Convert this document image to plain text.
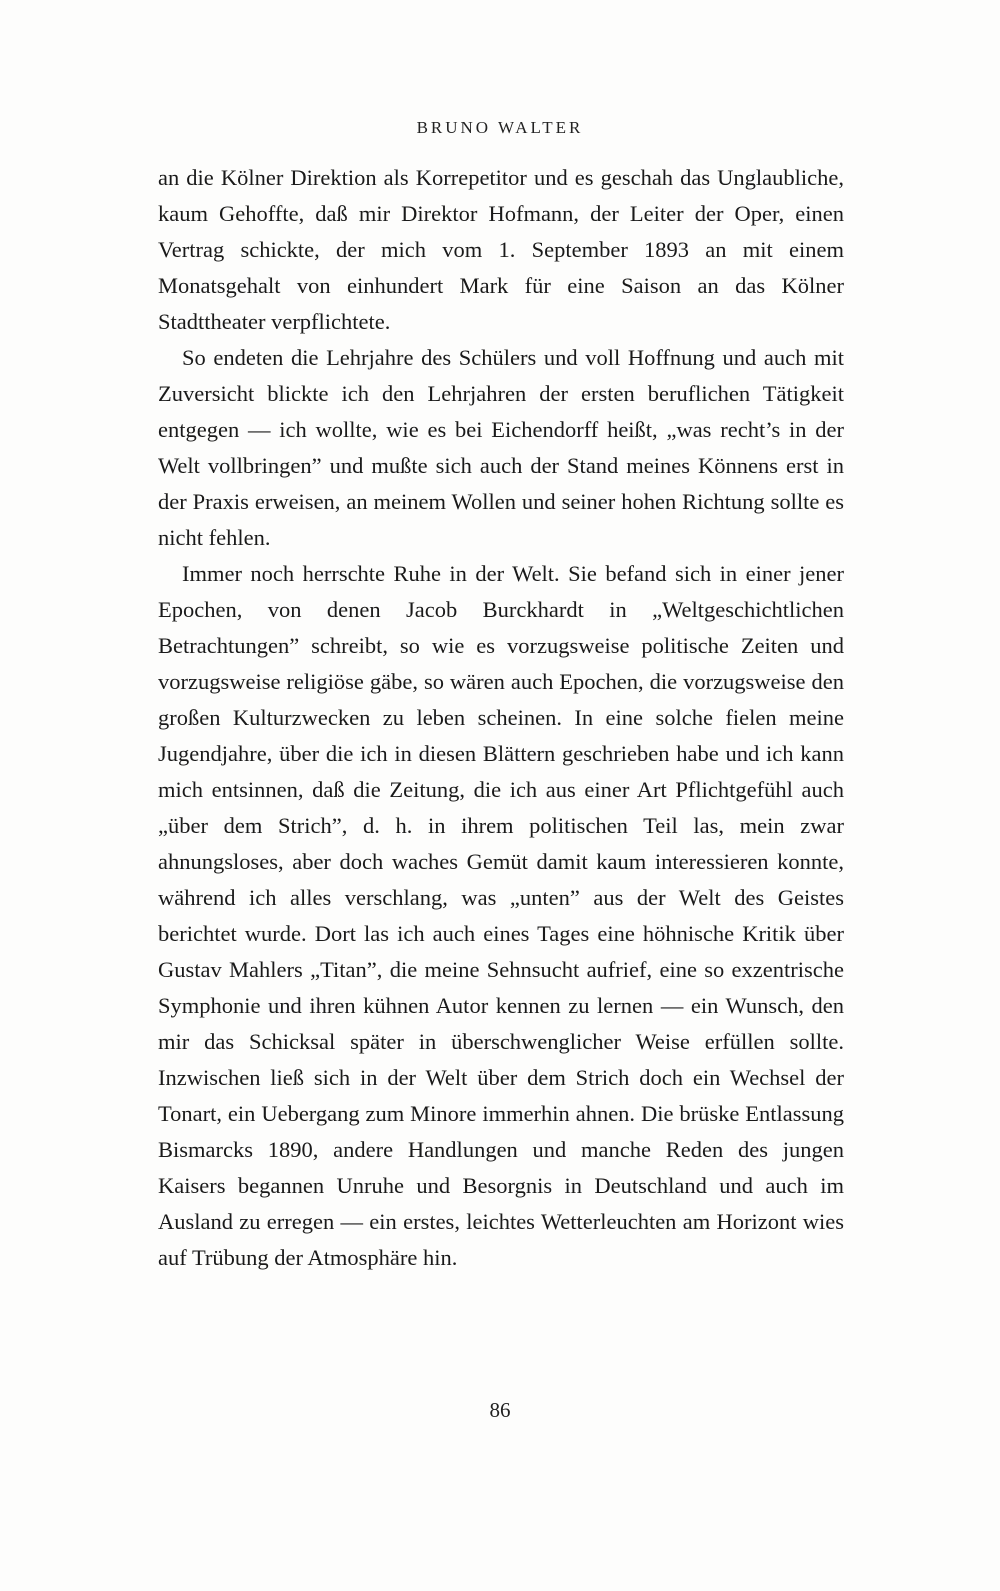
BRUNO WALTER

an die Kölner Direktion als Korrepetitor und es geschah das Unglaubliche, kaum Gehoffte, daß mir Direktor Hofmann, der Leiter der Oper, einen Vertrag schickte, der mich vom 1. September 1893 an mit einem Monatsgehalt von einhundert Mark für eine Saison an das Kölner Stadttheater verpflichtete.

So endeten die Lehrjahre des Schülers und voll Hoffnung und auch mit Zuversicht blickte ich den Lehrjahren der ersten beruflichen Tätigkeit entgegen — ich wollte, wie es bei Eichendorff heißt, „was recht’s in der Welt vollbringen” und mußte sich auch der Stand meines Könnens erst in der Praxis erweisen, an meinem Wollen und seiner hohen Richtung sollte es nicht fehlen.

Immer noch herrschte Ruhe in der Welt. Sie befand sich in einer jener Epochen, von denen Jacob Burckhardt in „Weltgeschichtlichen Betrachtungen” schreibt, so wie es vorzugsweise politische Zeiten und vorzugsweise religiöse gäbe, so wären auch Epochen, die vorzugsweise den großen Kulturzwecken zu leben scheinen. In eine solche fielen meine Jugendjahre, über die ich in diesen Blättern geschrieben habe und ich kann mich entsinnen, daß die Zeitung, die ich aus einer Art Pflichtgefühl auch „über dem Strich”, d. h. in ihrem politischen Teil las, mein zwar ahnungsloses, aber doch waches Gemüt damit kaum interessieren konnte, während ich alles verschlang, was „unten” aus der Welt des Geistes berichtet wurde. Dort las ich auch eines Tages eine höhnische Kritik über Gustav Mahlers „Titan”, die meine Sehnsucht aufrief, eine so exzentrische Symphonie und ihren kühnen Autor kennen zu lernen — ein Wunsch, den mir das Schicksal später in überschwenglicher Weise erfüllen sollte. Inzwischen ließ sich in der Welt über dem Strich doch ein Wechsel der Tonart, ein Uebergang zum Minore immerhin ahnen. Die brüske Entlassung Bismarcks 1890, andere Handlungen und manche Reden des jungen Kaisers begannen Unruhe und Besorgnis in Deutschland und auch im Ausland zu erregen — ein erstes, leichtes Wetterleuchten am Horizont wies auf Trübung der Atmosphäre hin.

86
